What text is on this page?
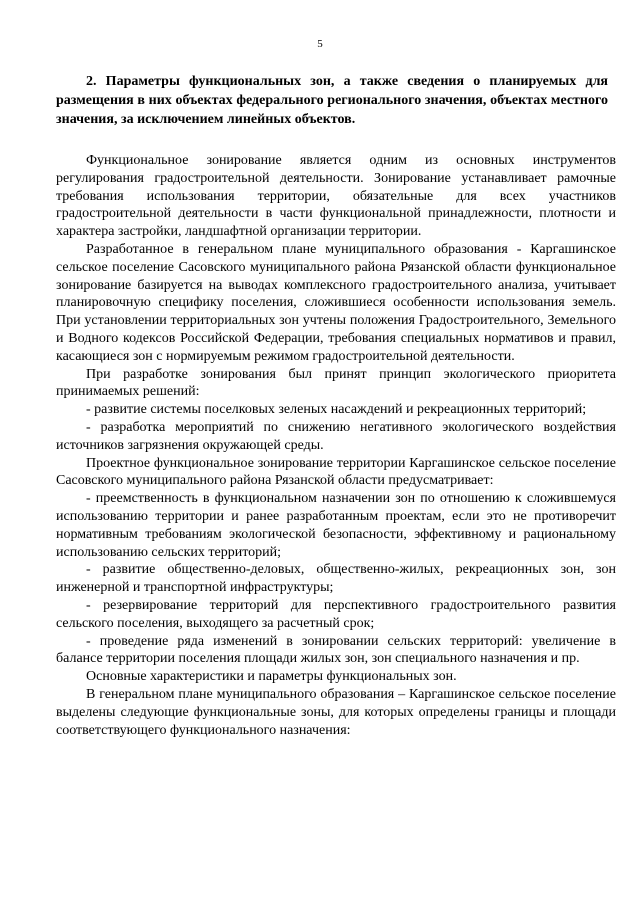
5
2. Параметры функциональных зон, а также сведения о планируемых для размещения в них объектах федерального регионального значения, объектах местного значения, за исключением линейных объектов.

Функциональное зонирование является одним из основных инструментов регулирования градостроительной деятельности. Зонирование устанавливает рамочные требования использования территории, обязательные для всех участников градостроительной деятельности в части функциональной принадлежности, плотности и характера застройки, ландшафтной организации территории.

Разработанное в генеральном плане муниципального образования - Каргашинское сельское поселение Сасовского муниципального района Рязанской области функциональное зонирование базируется на выводах комплексного градостроительного анализа, учитывает планировочную специфику поселения, сложившиеся особенности использования земель. При установлении территориальных зон учтены положения Градостроительного, Земельного и Водного кодексов Российской Федерации, требования специальных нормативов и правил, касающиеся зон с нормируемым режимом градостроительной деятельности.

При разработке зонирования был принят принцип экологического приоритета принимаемых решений:

- развитие системы поселковых зеленых насаждений и рекреационных территорий;

- разработка мероприятий по снижению негативного экологического воздействия источников загрязнения окружающей среды.

Проектное функциональное зонирование территории Каргашинское сельское поселение Сасовского муниципального района Рязанской области предусматривает:

- преемственность в функциональном назначении зон по отношению к сложившемуся использованию территории и ранее разработанным проектам, если это не противоречит нормативным требованиям экологической безопасности, эффективному и рациональному использованию сельских территорий;

- развитие общественно-деловых, общественно-жилых, рекреационных зон, зон инженерной и транспортной инфраструктуры;

- резервирование территорий для перспективного градостроительного развития сельского поселения, выходящего за расчетный срок;

- проведение ряда изменений в зонировании сельских территорий: увеличение в балансе территории поселения площади жилых зон, зон специального назначения и пр.

Основные характеристики и параметры функциональных зон.

В генеральном плане муниципального образования – Каргашинское сельское поселение выделены следующие функциональные зоны, для которых определены границы и площади соответствующего функционального назначения:
